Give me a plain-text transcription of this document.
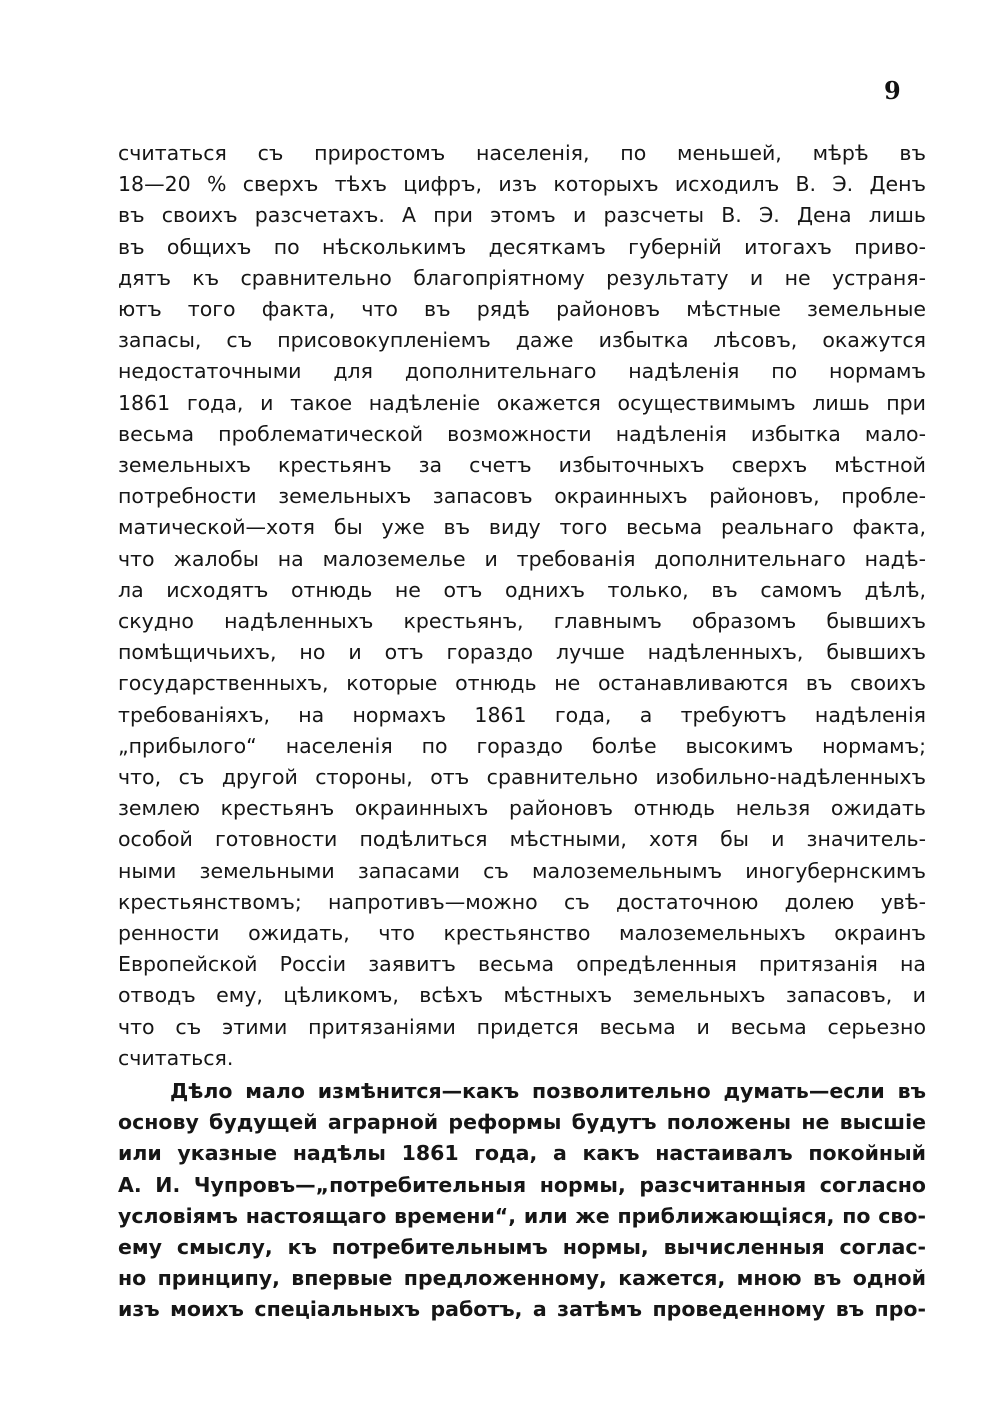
9
считаться съ приростомъ населенія, по меньшей, мѣрѣ въ
18—20 % сверхъ тѣхъ цифръ, изъ которыхъ исходилъ В. Э. Денъ
въ своихъ разсчетахъ. А при этомъ и разсчеты В. Э. Дена лишь
въ общихъ по нѣсколькимъ десяткамъ губерній итогахъ приво-
дятъ къ сравнительно благопріятному результату и не устраня-
ютъ того факта, что въ рядѣ районовъ мѣстные земельные
запасы, съ присовокупленіемъ даже избытка лѣсовъ, окажутся
недостаточными для дополнительнаго надѣленія по нормамъ
1861 года, и такое надѣленіе окажется осуществимымъ лишь при
весьма проблематической возможности надѣленія избытка мало-
земельныхъ крестьянъ за счетъ избыточныхъ сверхъ мѣстной
потребности земельныхъ запасовъ окраинныхъ районовъ, пробле-
матической—хотя бы уже въ виду того весьма реальнаго факта,
что жалобы на малоземелье и требованія дополнительнаго надѣ-
ла исходятъ отнюдь не отъ однихъ только, въ самомъ дѣлѣ,
скудно надѣленныхъ крестьянъ, главнымъ образомъ бывшихъ
помѣщичьихъ, но и отъ гораздо лучше надѣленныхъ, бывшихъ
государственныхъ, которые отнюдь не останавливаются въ своихъ
требованіяхъ, на нормахъ 1861 года, а требуютъ надѣленія
„прибылого“ населенія по гораздо болѣе высокимъ нормамъ;
что, съ другой стороны, отъ сравнительно изобильно-надѣленныхъ
землею крестьянъ окраинныхъ районовъ отнюдь нельзя ожидать
особой готовности подѣлиться мѣстными, хотя бы и значитель-
ными земельными запасами съ малоземельнымъ иногубернскимъ
крестьянствомъ; напротивъ—можно съ достаточною долею увѣ-
ренности ожидать, что крестьянство малоземельныхъ окраинъ
Европейской Россіи заявитъ весьма опредѣленныя притязанія на
отводъ ему, цѣликомъ, всѣхъ мѣстныхъ земельныхъ запасовъ, и
что съ этими притязаніями придется весьма и весьма серьезно
считаться.
Дѣло мало измѣнится—какъ позволительно думать—если въ
основу будущей аграрной реформы будутъ положены не высшіе
или указные надѣлы 1861 года, а какъ настаивалъ покойный
А. И. Чупровъ—„потребительныя нормы, разсчитанныя согласно
условіямъ настоящаго времени“, или же приближающіяся, по сво-
ему смыслу, къ потребительнымъ нормы, вычисленныя соглас-
но принципу, впервые предложенному, кажется, мною въ одной
изъ моихъ спеціальныхъ работъ, а затѣмъ проведенному въ про-
